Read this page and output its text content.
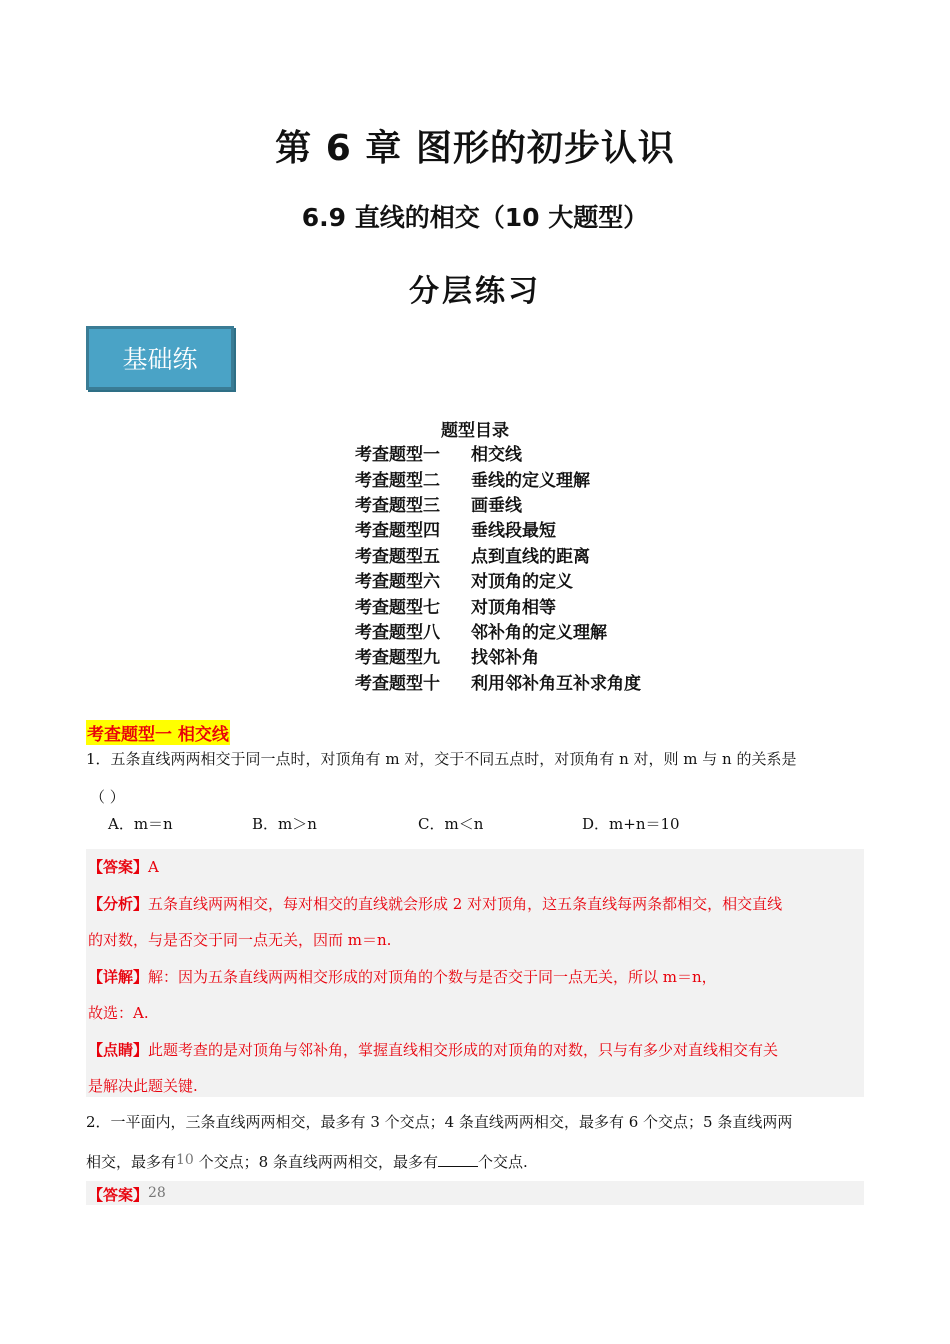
第 6 章 图形的初步认识
6.9 直线的相交（10 大题型）
分层练习
基础练
题型目录
考查题型一	相交线
考查题型二	垂线的定义理解
考查题型三	画垂线
考查题型四	垂线段最短
考查题型五	点到直线的距离
考查题型六	对顶角的定义
考查题型七	对顶角相等
考查题型八	邻补角的定义理解
考查题型九	找邻补角
考查题型十	利用邻补角互补求角度
考查题型一 相交线
1．五条直线两两相交于同一点时，对顶角有 m 对，交于不同五点时，对顶角有 n 对，则 m 与 n 的关系是
（ ）
A．m＝n	B．m＞n	C．m＜n	D．m+n＝10
【答案】A
【分析】五条直线两两相交，每对相交的直线就会形成 2 对对顶角，这五条直线每两条都相交，相交直线
的对数，与是否交于同一点无关，因而 m＝n.
【详解】解：因为五条直线两两相交形成的对顶角的个数与是否交于同一点无关，所以 m＝n，
故选：A.
【点睛】此题考查的是对顶角与邻补角，掌握直线相交形成的对顶角的对数，只与有多少对直线相交有关
是解决此题关键.
2．一平面内，三条直线两两相交，最多有 3 个交点；4 条直线两两相交，最多有 6 个交点；5 条直线两两
相交，最多有10 个交点；8 条直线两两相交，最多有	个交点.
【答案】28
